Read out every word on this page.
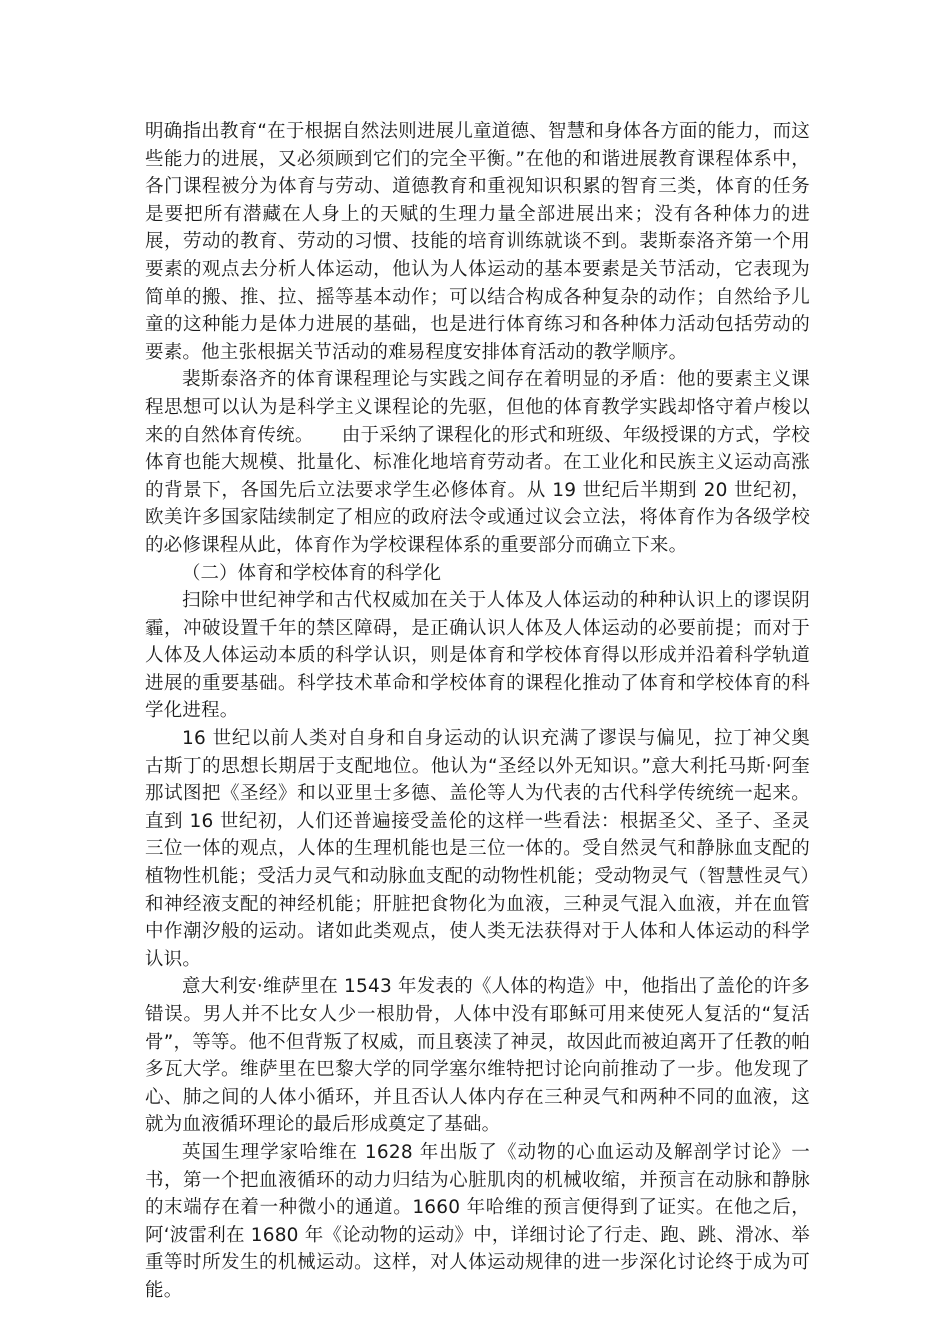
明确指出教育“在于根据自然法则进展儿童道德、智慧和身体各方面的能力，而这些能力的进展，又必须顾到它们的完全平衡。”在他的和谐进展教育课程体系中，各门课程被分为体育与劳动、道德教育和重视知识积累的智育三类，体育的任务是要把所有潜藏在人身上的天赋的生理力量全部进展出来；没有各种体力的进展，劳动的教育、劳动的习惯、技能的培育训练就谈不到。裴斯泰洛齐第一个用要素的观点去分析人体运动，他认为人体运动的基本要素是关节活动，它表现为简单的搬、推、拉、摇等基本动作；可以结合构成各种复杂的动作；自然给予儿童的这种能力是体力进展的基础，也是进行体育练习和各种体力活动包括劳动的要素。他主张根据关节活动的难易程度安排体育活动的教学顺序。

裴斯泰洛齐的体育课程理论与实践之间存在着明显的矛盾：他的要素主义课程思想可以认为是科学主义课程论的先驱，但他的体育教学实践却恪守着卢梭以来的自然体育传统。　　由于采纳了课程化的形式和班级、年级授课的方式，学校体育也能大规模、批量化、标准化地培育劳动者。在工业化和民族主义运动高涨的背景下，各国先后立法要求学生必修体育。从 19 世纪后半期到 20 世纪初，欧美许多国家陆续制定了相应的政府法令或通过议会立法，将体育作为各级学校的必修课程从此，体育作为学校课程体系的重要部分而确立下来。

（二）体育和学校体育的科学化

扫除中世纪神学和古代权威加在关于人体及人体运动的种种认识上的谬误阴霾，冲破设置千年的禁区障碍，是正确认识人体及人体运动的必要前提；而对于人体及人体运动本质的科学认识，则是体育和学校体育得以形成并沿着科学轨道进展的重要基础。科学技术革命和学校体育的课程化推动了体育和学校体育的科学化进程。

16 世纪以前人类对自身和自身运动的认识充满了谬误与偏见，拉丁神父奥古斯丁的思想长期居于支配地位。他认为“圣经以外无知识。”意大利托马斯·阿奎那试图把《圣经》和以亚里士多德、盖伦等人为代表的古代科学传统统一起来。直到 16 世纪初，人们还普遍接受盖伦的这样一些看法：根据圣父、圣子、圣灵三位一体的观点，人体的生理机能也是三位一体的。受自然灵气和静脉血支配的植物性机能；受活力灵气和动脉血支配的动物性机能；受动物灵气（智慧性灵气）和神经液支配的神经机能；肝脏把食物化为血液，三种灵气混入血液，并在血管中作潮汐般的运动。诸如此类观点，使人类无法获得对于人体和人体运动的科学认识。

意大利安·维萨里在 1543 年发表的《人体的构造》中，他指出了盖伦的许多错误。男人并不比女人少一根肋骨，人体中没有耶稣可用来使死人复活的“复活骨”，等等。他不但背叛了权威，而且亵渎了神灵，故因此而被迫离开了任教的帕多瓦大学。维萨里在巴黎大学的同学塞尔维特把讨论向前推动了一步。他发现了心、肺之间的人体小循环，并且否认人体内存在三种灵气和两种不同的血液，这就为血液循环理论的最后形成奠定了基础。

英国生理学家哈维在 1628 年出版了《动物的心血运动及解剖学讨论》一书，第一个把血液循环的动力归结为心脏肌肉的机械收缩，并预言在动脉和静脉的末端存在着一种微小的通道。1660 年哈维的预言便得到了证实。在他之后，阿‘波雷利在 1680 年《论动物的运动》中，详细讨论了行走、跑、跳、滑冰、举重等时所发生的机械运动。这样，对人体运动规律的进一步深化讨论终于成为可能。
